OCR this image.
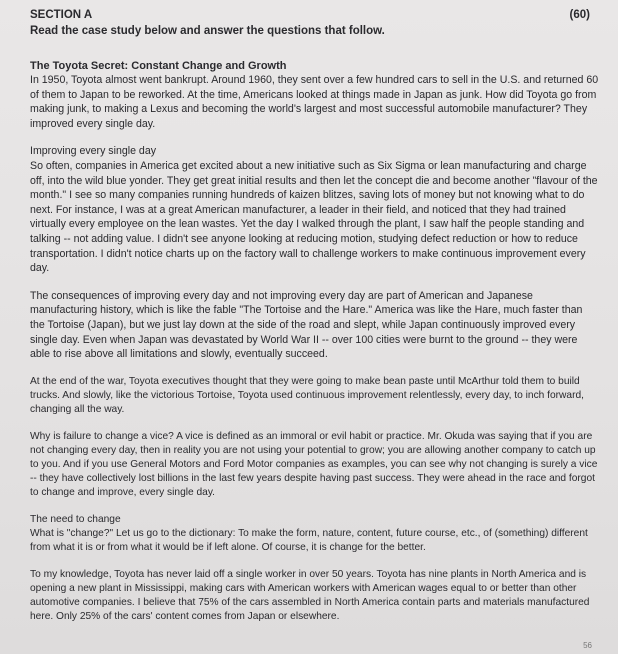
SECTION A	(60)
Read the case study below and answer the questions that follow.
The Toyota Secret: Constant Change and Growth

In 1950, Toyota almost went bankrupt. Around 1960, they sent over a few hundred cars to sell in the U.S. and returned 60 of them to Japan to be reworked. At the time, Americans looked at things made in Japan as junk. How did Toyota go from making junk, to making a Lexus and becoming the world's largest and most successful automobile manufacturer? They improved every single day.

Improving every single day

So often, companies in America get excited about a new initiative such as Six Sigma or lean manufacturing and charge off, into the wild blue yonder. They get great initial results and then let the concept die and become another "flavour of the month." I see so many companies running hundreds of kaizen blitzes, saving lots of money but not knowing what to do next. For instance, I was at a great American manufacturer, a leader in their field, and noticed that they had trained virtually every employee on the lean wastes. Yet the day I walked through the plant, I saw half the people standing and talking -- not adding value. I didn't see anyone looking at reducing motion, studying defect reduction or how to reduce transportation. I didn't notice charts up on the factory wall to challenge workers to make continuous improvement every day.

The consequences of improving every day and not improving every day are part of American and Japanese manufacturing history, which is like the fable "The Tortoise and the Hare." America was like the Hare, much faster than the Tortoise (Japan), but we just lay down at the side of the road and slept, while Japan continuously improved every single day. Even when Japan was devastated by World War II -- over 100 cities were burnt to the ground -- they were able to rise above all limitations and slowly, eventually succeed.

At the end of the war, Toyota executives thought that they were going to make bean paste until McArthur told them to build trucks. And slowly, like the victorious Tortoise, Toyota used continuous improvement relentlessly, every day, to inch forward, changing all the way.

Why is failure to change a vice? A vice is defined as an immoral or evil habit or practice. Mr. Okuda was saying that if you are not changing every day, then in reality you are not using your potential to grow; you are allowing another company to catch up to you. And if you use General Motors and Ford Motor companies as examples, you can see why not changing is surely a vice -- they have collectively lost billions in the last few years despite having past success. They were ahead in the race and forgot to change and improve, every single day.

The need to change

What is "change?" Let us go to the dictionary: To make the form, nature, content, future course, etc., of (something) different from what it is or from what it would be if left alone. Of course, it is change for the better.

To my knowledge, Toyota has never laid off a single worker in over 50 years. Toyota has nine plants in North America and is opening a new plant in Mississippi, making cars with American workers with American wages equal to or better than other automotive companies. I believe that 75% of the cars assembled in North America contain parts and materials manufactured here. Only 25% of the cars' content comes from Japan or elsewhere.

56
